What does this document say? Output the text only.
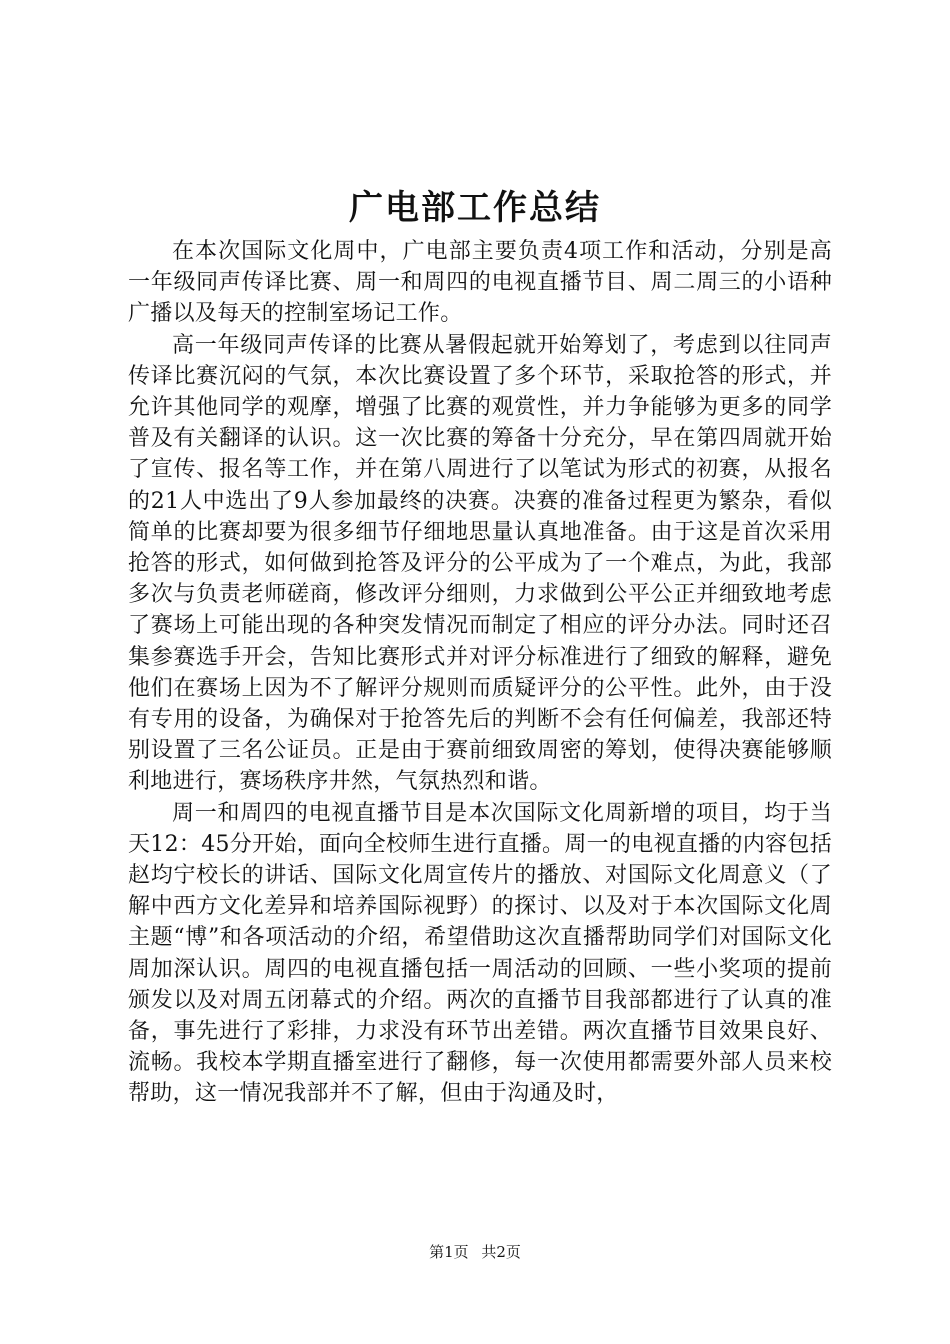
广电部工作总结

在本次国际文化周中，广电部主要负责4项工作和活动，分别是高一年级同声传译比赛、周一和周四的电视直播节目、周二周三的小语种广播以及每天的控制室场记工作。

高一年级同声传译的比赛从暑假起就开始筹划了，考虑到以往同声传译比赛沉闷的气氛，本次比赛设置了多个环节，采取抢答的形式，并允许其他同学的观摩，增强了比赛的观赏性，并力争能够为更多的同学普及有关翻译的认识。这一次比赛的筹备十分充分，早在第四周就开始了宣传、报名等工作，并在第八周进行了以笔试为形式的初赛，从报名的21人中选出了9人参加最终的决赛。决赛的准备过程更为繁杂，看似简单的比赛却要为很多细节仔细地思量认真地准备。由于这是首次采用抢答的形式，如何做到抢答及评分的公平成为了一个难点，为此，我部多次与负责老师磋商，修改评分细则，力求做到公平公正并细致地考虑了赛场上可能出现的各种突发情况而制定了相应的评分办法。同时还召集参赛选手开会，告知比赛形式并对评分标准进行了细致的解释，避免他们在赛场上因为不了解评分规则而质疑评分的公平性。此外，由于没有专用的设备，为确保对于抢答先后的判断不会有任何偏差，我部还特别设置了三名公证员。正是由于赛前细致周密的筹划，使得决赛能够顺利地进行，赛场秩序井然，气氛热烈和谐。

周一和周四的电视直播节目是本次国际文化周新增的项目，均于当天12：45分开始，面向全校师生进行直播。周一的电视直播的内容包括赵均宁校长的讲话、国际文化周宣传片的播放、对国际文化周意义（了解中西方文化差异和培养国际视野）的探讨、以及对于本次国际文化周主题“博”和各项活动的介绍，希望借助这次直播帮助同学们对国际文化周加深认识。周四的电视直播包括一周活动的回顾、一些小奖项的提前颁发以及对周五闭幕式的介绍。两次的直播节目我部都进行了认真的准备，事先进行了彩排，力求没有环节出差错。两次直播节目效果良好、流畅。我校本学期直播室进行了翻修，每一次使用都需要外部人员来校帮助，这一情况我部并不了解，但由于沟通及时，

第1页 共2页
